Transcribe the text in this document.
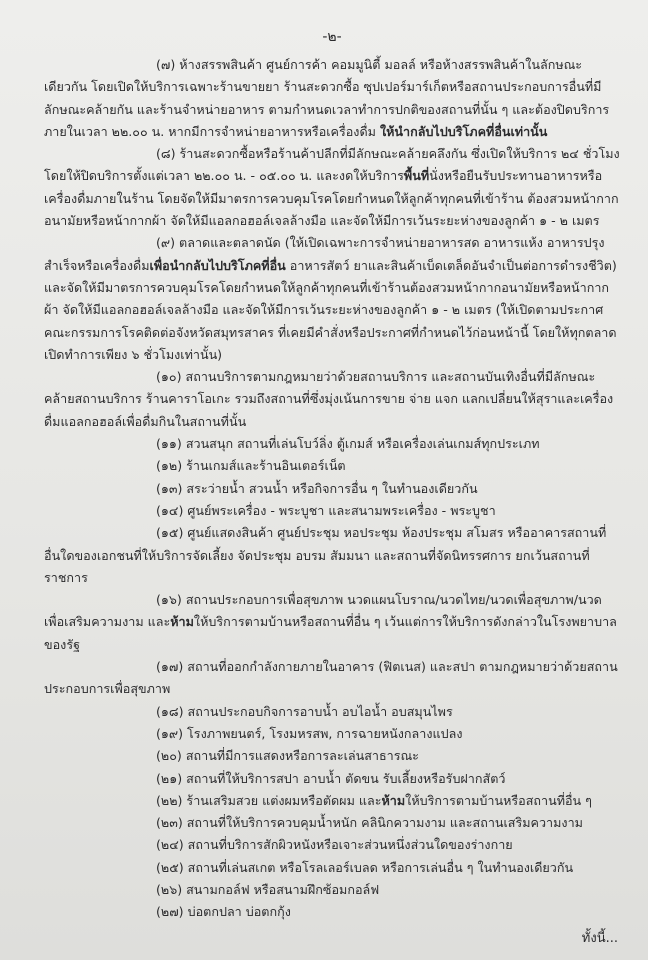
-๒-

(๗) ห้างสรรพสินค้า ศูนย์การค้า คอมมูนิตี้ มอลล์ หรือห้างสรรพสินค้าในลักษณะเดียวกัน โดยเปิดให้บริการเฉพาะร้านขายยา ร้านสะดวกซื้อ ซุปเปอร์มาร์เก็ตหรือสถานประกอบการอื่นที่มีลักษณะคล้ายกัน และร้านจำหน่ายอาหาร ตามกำหนดเวลาทำการปกติของสถานที่นั้น ๆ และต้องปิดบริการภายในเวลา ๒๒.๐๐ น. หากมีการจำหน่ายอาหารหรือเครื่องดื่ม ให้นำกลับไปบริโภคที่อื่นเท่านั้น

(๘) ร้านสะดวกซื้อหรือร้านค้าปลีกที่มีลักษณะคล้ายคลึงกัน ซึ่งเปิดให้บริการ ๒๔ ชั่วโมง โดยให้ปิดบริการตั้งแต่เวลา ๒๒.๐๐ น. - ๐๕.๐๐ น. และงดให้บริการพื้นที่นั่งหรือยืนรับประทานอาหารหรือเครื่องดื่มภายในร้าน โดยจัดให้มีมาตรการควบคุมโรคโดยกำหนดให้ลูกค้าทุกคนที่เข้าร้าน ต้องสวมหน้ากากอนามัยหรือหน้ากากผ้า จัดให้มีแอลกอฮอล์เจลล้างมือ และจัดให้มีการเว้นระยะห่างของลูกค้า ๑ - ๒ เมตร

(๙) ตลาดและตลาดนัด (ให้เปิดเฉพาะการจำหน่ายอาหารสด อาหารแห้ง อาหารปรุงสำเร็จหรือเครื่องดื่มเพื่อนำกลับไปบริโภคที่อื่น อาหารสัตว์ ยาและสินค้าเบ็ดเตล็ดอันจำเป็นต่อการดำรงชีวิต) และจัดให้มีมาตรการควบคุมโรคโดยกำหนดให้ลูกค้าทุกคนที่เข้าร้านต้องสวมหน้ากากอนามัยหรือหน้ากากผ้า จัดให้มีแอลกอฮอล์เจลล้างมือ และจัดให้มีการเว้นระยะห่างของลูกค้า ๑ - ๒ เมตร (ให้เปิดตามประกาศคณะกรรมการโรคติดต่อจังหวัดสมุทรสาคร ที่เคยมีคำสั่งหรือประกาศที่กำหนดไว้ก่อนหน้านี้ โดยให้ทุกตลาดเปิดทำการเพียง ๖ ชั่วโมงเท่านั้น)

(๑๐) สถานบริการตามกฎหมายว่าด้วยสถานบริการ และสถานบันเทิงอื่นที่มีลักษณะคล้ายสถานบริการ ร้านคาราโอเกะ รวมถึงสถานที่ซึ่งมุ่งเน้นการขาย จ่าย แจก แลกเปลี่ยนให้สุราและเครื่องดื่มแอลกอฮอล์เพื่อดื่มกินในสถานที่นั้น

(๑๑) สวนสนุก สถานที่เล่นโบว์ลิ่ง ตู้เกมส์ หรือเครื่องเล่นเกมส์ทุกประเภท

(๑๒) ร้านเกมส์และร้านอินเตอร์เน็ต

(๑๓) สระว่ายน้ำ สวนน้ำ หรือกิจการอื่น ๆ ในทำนองเดียวกัน

(๑๔) ศูนย์พระเครื่อง - พระบูชา และสนามพระเครื่อง - พระบูชา

(๑๕) ศูนย์แสดงสินค้า ศูนย์ประชุม หอประชุม ห้องประชุม สโมสร หรืออาคารสถานที่อื่นใดของเอกชนที่ให้บริการจัดเลี้ยง จัดประชุม อบรม สัมมนา และสถานที่จัดนิทรรศการ ยกเว้นสถานที่ราชการ

(๑๖) สถานประกอบการเพื่อสุขภาพ นวดแผนโบราณ/นวดไทย/นวดเพื่อสุขภาพ/นวดเพื่อเสริมความงาม และห้ามให้บริการตามบ้านหรือสถานที่อื่น ๆ เว้นแต่การให้บริการดังกล่าวในโรงพยาบาลของรัฐ

(๑๗) สถานที่ออกกำลังกายภายในอาคาร (ฟิตเนส) และสปา ตามกฎหมายว่าด้วยสถานประกอบการเพื่อสุขภาพ

(๑๘) สถานประกอบกิจการอาบน้ำ อบไอน้ำ อบสมุนไพร

(๑๙) โรงภาพยนตร์, โรงมหรสพ, การฉายหนังกลางแปลง

(๒๐) สถานที่มีการแสดงหรือการละเล่นสาธารณะ

(๒๑) สถานที่ให้บริการสปา อาบน้ำ ตัดขน รับเลี้ยงหรือรับฝากสัตว์

(๒๒) ร้านเสริมสวย แต่งผมหรือตัดผม และห้ามให้บริการตามบ้านหรือสถานที่อื่น ๆ

(๒๓) สถานที่ให้บริการควบคุมน้ำหนัก คลินิกความงาม และสถานเสริมความงาม

(๒๔) สถานที่บริการสักผิวหนังหรือเจาะส่วนหนึ่งส่วนใดของร่างกาย

(๒๕) สถานที่เล่นสเกต หรือโรลเลอร์เบลด หรือการเล่นอื่น ๆ ในทำนองเดียวกัน

(๒๖) สนามกอล์ฟ หรือสนามฝึกซ้อมกอล์ฟ

(๒๗) บ่อตกปลา บ่อตกกุ้ง

ทั้งนี้...
